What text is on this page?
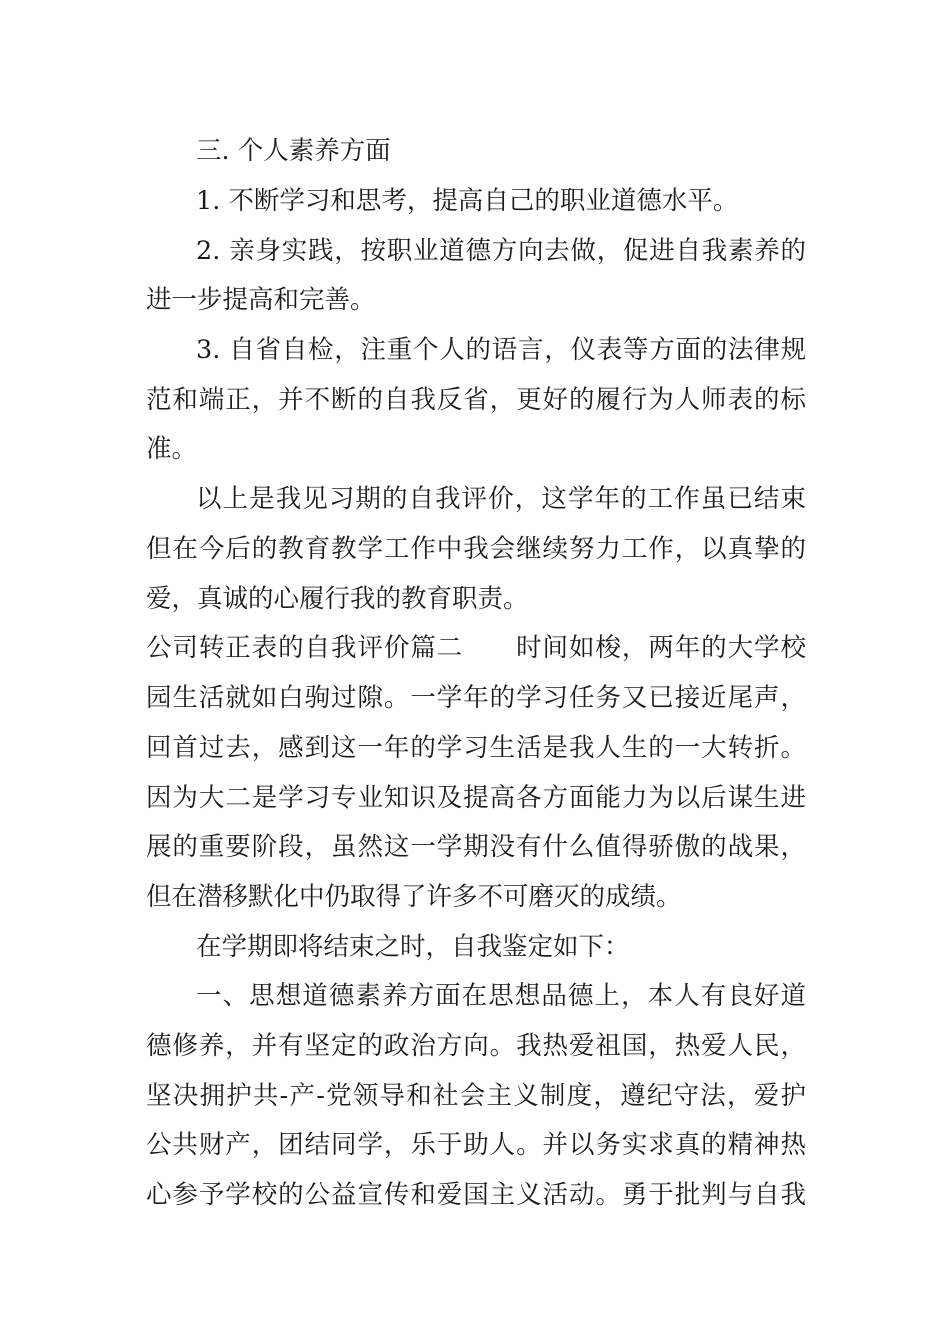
三. 个人素养方面
1. 不断学习和思考，提高自己的职业道德水平。
2. 亲身实践，按职业道德方向去做，促进自我素养的
进一步提高和完善。
3. 自省自检，注重个人的语言，仪表等方面的法律规
范和端正，并不断的自我反省，更好的履行为人师表的标
准。
以上是我见习期的自我评价，这学年的工作虽已结束
但在今后的教育教学工作中我会继续努力工作，以真挚的
爱，真诚的心履行我的教育职责。
公司转正表的自我评价篇二　　时间如梭，两年的大学校
园生活就如白驹过隙。一学年的学习任务又已接近尾声，
回首过去，感到这一年的学习生活是我人生的一大转折。
因为大二是学习专业知识及提高各方面能力为以后谋生进
展的重要阶段，虽然这一学期没有什么值得骄傲的战果，
但在潜移默化中仍取得了许多不可磨灭的成绩。
在学期即将结束之时，自我鉴定如下：
一、思想道德素养方面在思想品德上，本人有良好道
德修养，并有坚定的政治方向。我热爱祖国，热爱人民，
坚决拥护共-产-党领导和社会主义制度，遵纪守法，爱护
公共财产，团结同学，乐于助人。并以务实求真的精神热
心参予学校的公益宣传和爱国主义活动。勇于批判与自我
